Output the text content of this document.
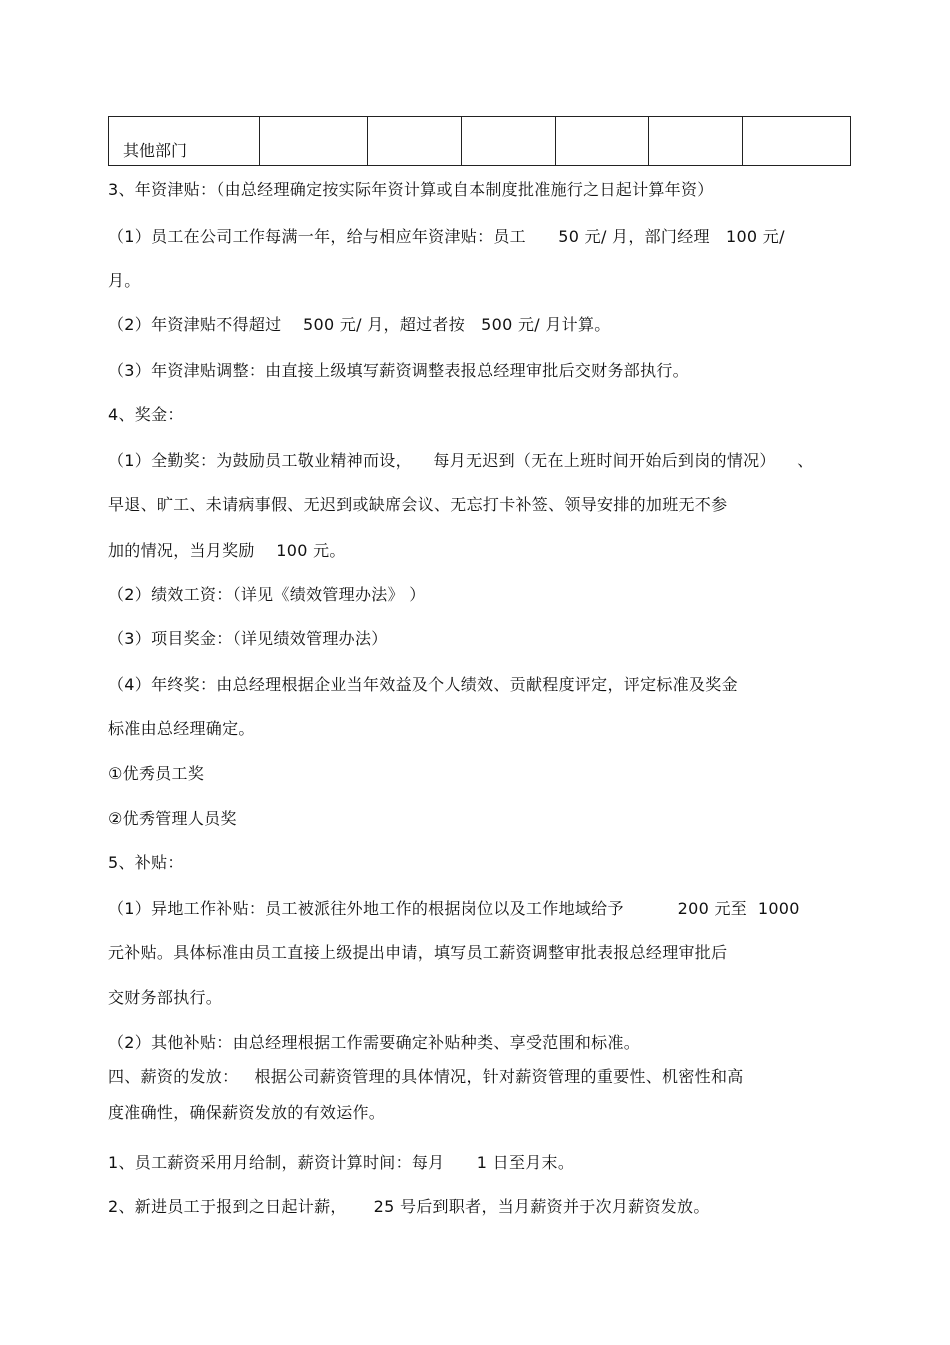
其他部门						
3、年资津贴：（由总经理确定按实际年资计算或自本制度批准施行之日起计算年资）
（1）员工在公司工作每满一年，给与相应年资津贴：员工      50 元/ 月，部门经理   100 元/
月。
（2）年资津贴不得超过    500 元/ 月，超过者按   500 元/ 月计算。
（3）年资津贴调整：由直接上级填写薪资调整表报总经理审批后交财务部执行。
4、奖金：
（1）全勤奖：为鼓励员工敬业精神而设，    每月无迟到（无在上班时间开始后到岗的情况）    、
早退、旷工、未请病事假、无迟到或缺席会议、无忘打卡补签、领导安排的加班无不参
加的情况，当月奖励    100 元。
（2）绩效工资：（详见《绩效管理办法》 ）
（3）项目奖金：（详见绩效管理办法）
（4）年终奖：由总经理根据企业当年效益及个人绩效、贡献程度评定，评定标准及奖金
标准由总经理确定。
①优秀员工奖
②优秀管理人员奖
5、补贴：
（1）异地工作补贴：员工被派往外地工作的根据岗位以及工作地域给予          200 元至  1000
元补贴。具体标准由员工直接上级提出申请，填写员工薪资调整审批表报总经理审批后
交财务部执行。
（2）其他补贴：由总经理根据工作需要确定补贴种类、享受范围和标准。
四、薪资的发放：   根据公司薪资管理的具体情况，针对薪资管理的重要性、机密性和高
度准确性，确保薪资发放的有效运作。
1、员工薪资采用月给制，薪资计算时间：每月      1 日至月末。
2、新进员工于报到之日起计薪，     25 号后到职者，当月薪资并于次月薪资发放。
